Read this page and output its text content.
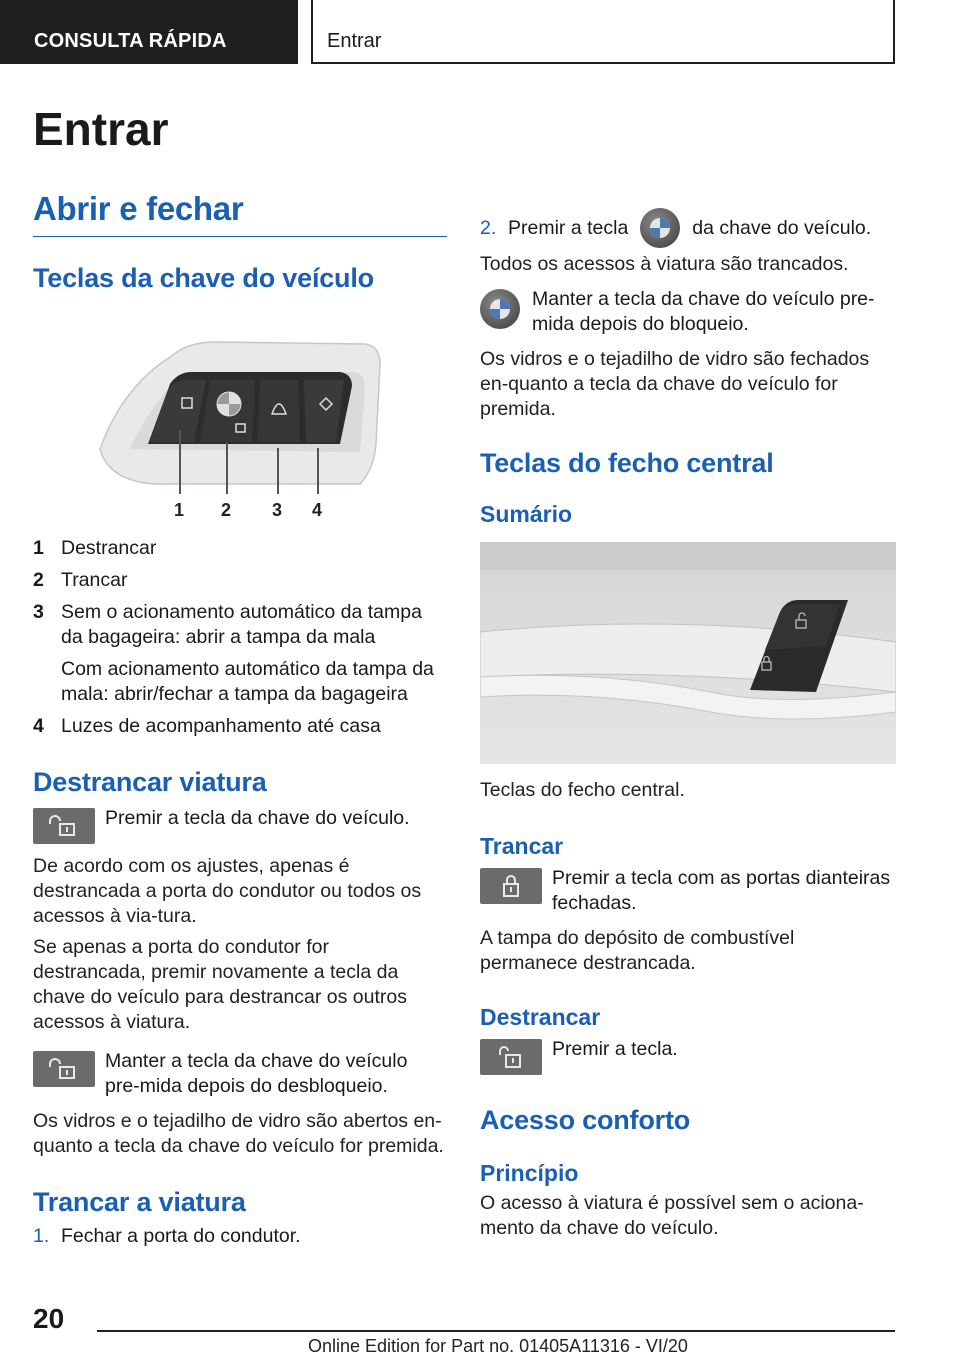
CONSULTA RÁPIDA	Entrar
Entrar
Abrir e fechar
Teclas da chave do veículo
1 2 3 4
1 Destrancar
2 Trancar
3 Sem o acionamento automático da tampa da bagageira: abrir a tampa da mala
Com acionamento automático da tampa da mala: abrir/fechar a tampa da bagageira
4 Luzes de acompanhamento até casa
Destrancar viatura
Premir a tecla da chave do veículo.

De acordo com os ajustes, apenas é destrancada a porta do condutor ou todos os acessos à via-tura.

Se apenas a porta do condutor for destrancada, premir novamente a tecla da chave do veículo para destrancar os outros acessos à viatura.

Manter a tecla da chave do veículo pre-mida depois do desbloqueio.

Os vidros e o tejadilho de vidro são abertos en-quanto a tecla da chave do veículo for premida.

Trancar a viatura
1. Fechar a porta do condutor.
2. Premir a tecla	da chave do veículo.

Todos os acessos à viatura são trancados.

Manter a tecla da chave do veículo pre-mida depois do bloqueio.

Os vidros e o tejadilho de vidro são fechados en-quanto a tecla da chave do veículo for premida.

Teclas do fecho central
Sumário

Teclas do fecho central.

Trancar
Premir a tecla com as portas dianteiras fechadas.

A tampa do depósito de combustível permanece destrancada.

Destrancar
Premir a tecla.
Acesso conforto
Princípio

O acesso à viatura é possível sem o aciona-mento da chave do veículo.

20
Online Edition for Part no. 01405A11316 - VI/20
